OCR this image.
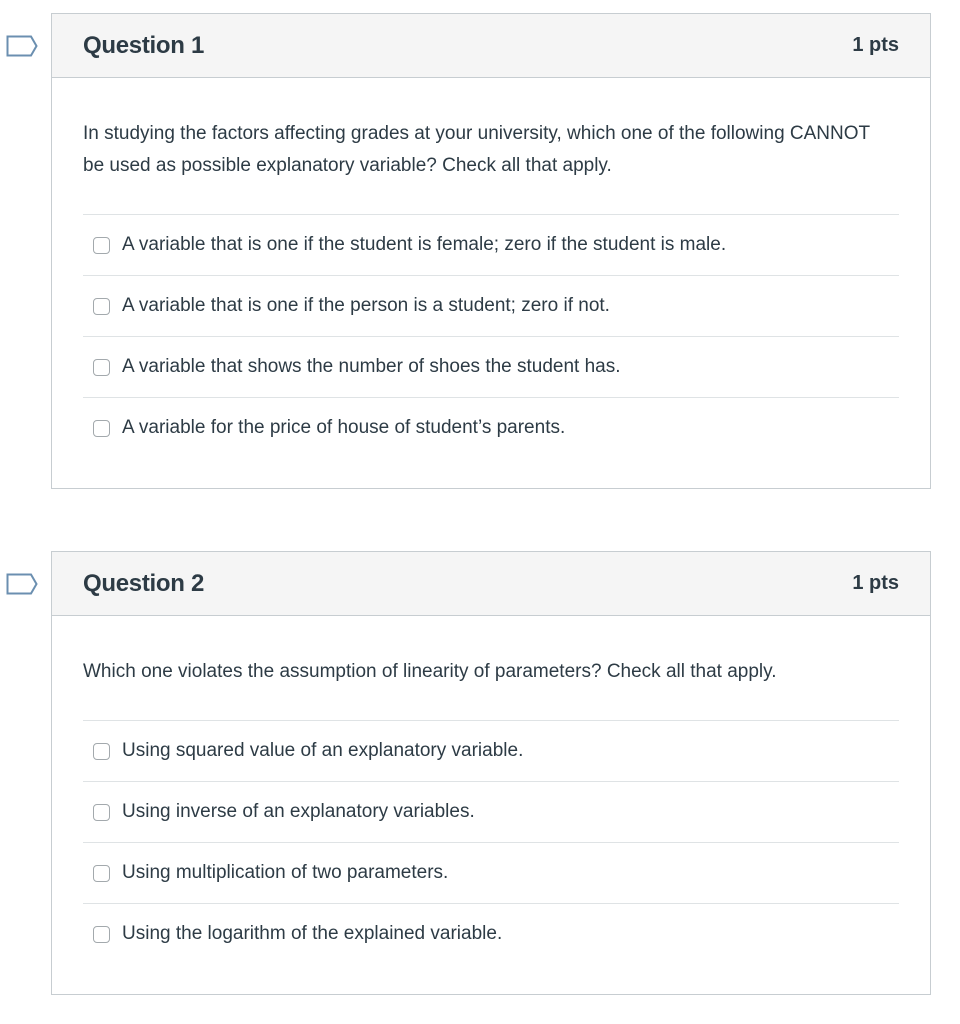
Question 1	1 pts
In studying the factors affecting grades at your university, which one of the following CANNOT be used as possible explanatory variable? Check all that apply.
A variable that is one if the student is female; zero if the student is male.
A variable that is one if the person is a student; zero if not.
A variable that shows the number of shoes the student has.
A variable for the price of house of student’s parents.
Question 2	1 pts
Which one violates the assumption of linearity of parameters? Check all that apply.
Using squared value of an explanatory variable.
Using inverse of an explanatory variables.
Using multiplication of two parameters.
Using the logarithm of the explained variable.
